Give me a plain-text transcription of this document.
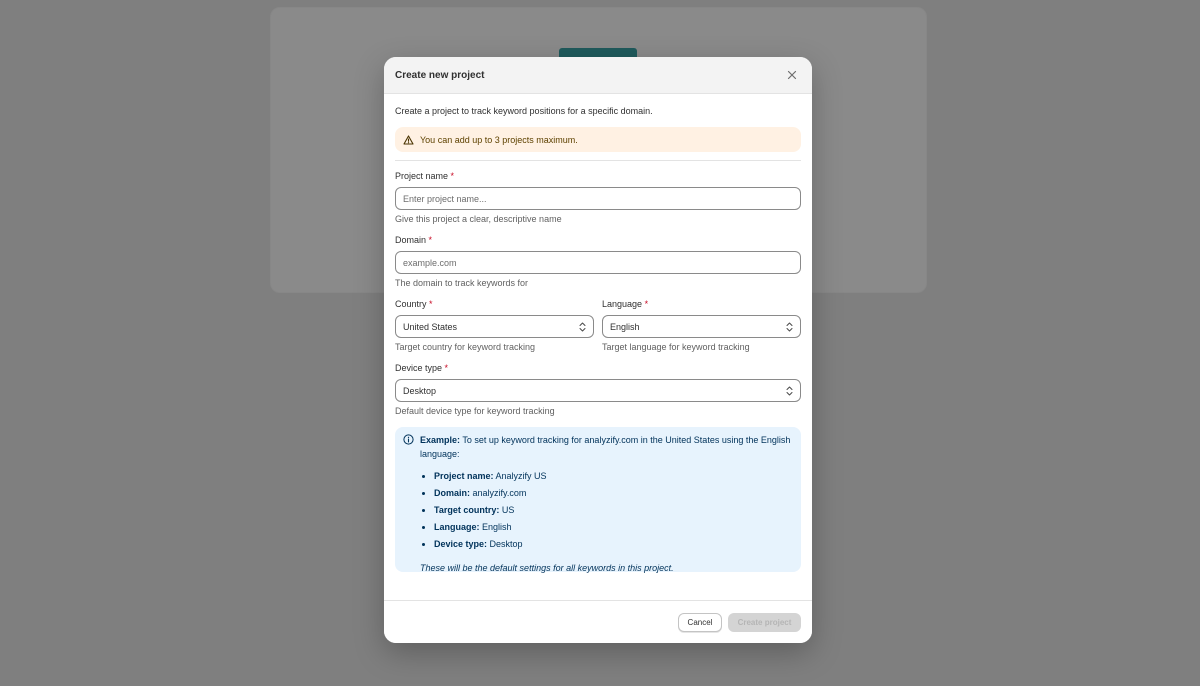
Create new project

Create a project to track keyword positions for a specific domain.

You can add up to 3 projects maximum.
Project name *
Enter project name...
Give this project a clear, descriptive name
Domain *
example.com
The domain to track keywords for
Country *
United States
Target country for keyword tracking
Language *
English
Target language for keyword tracking
Device type *
Desktop
Default device type for keyword tracking
Example: To set up keyword tracking for analyzify.com in the United States using the English language:
• Project name: Analyzify US
• Domain: analyzify.com
• Target country: US
• Language: English
• Device type: Desktop
These will be the default settings for all keywords in this project.
Cancel	Create project
